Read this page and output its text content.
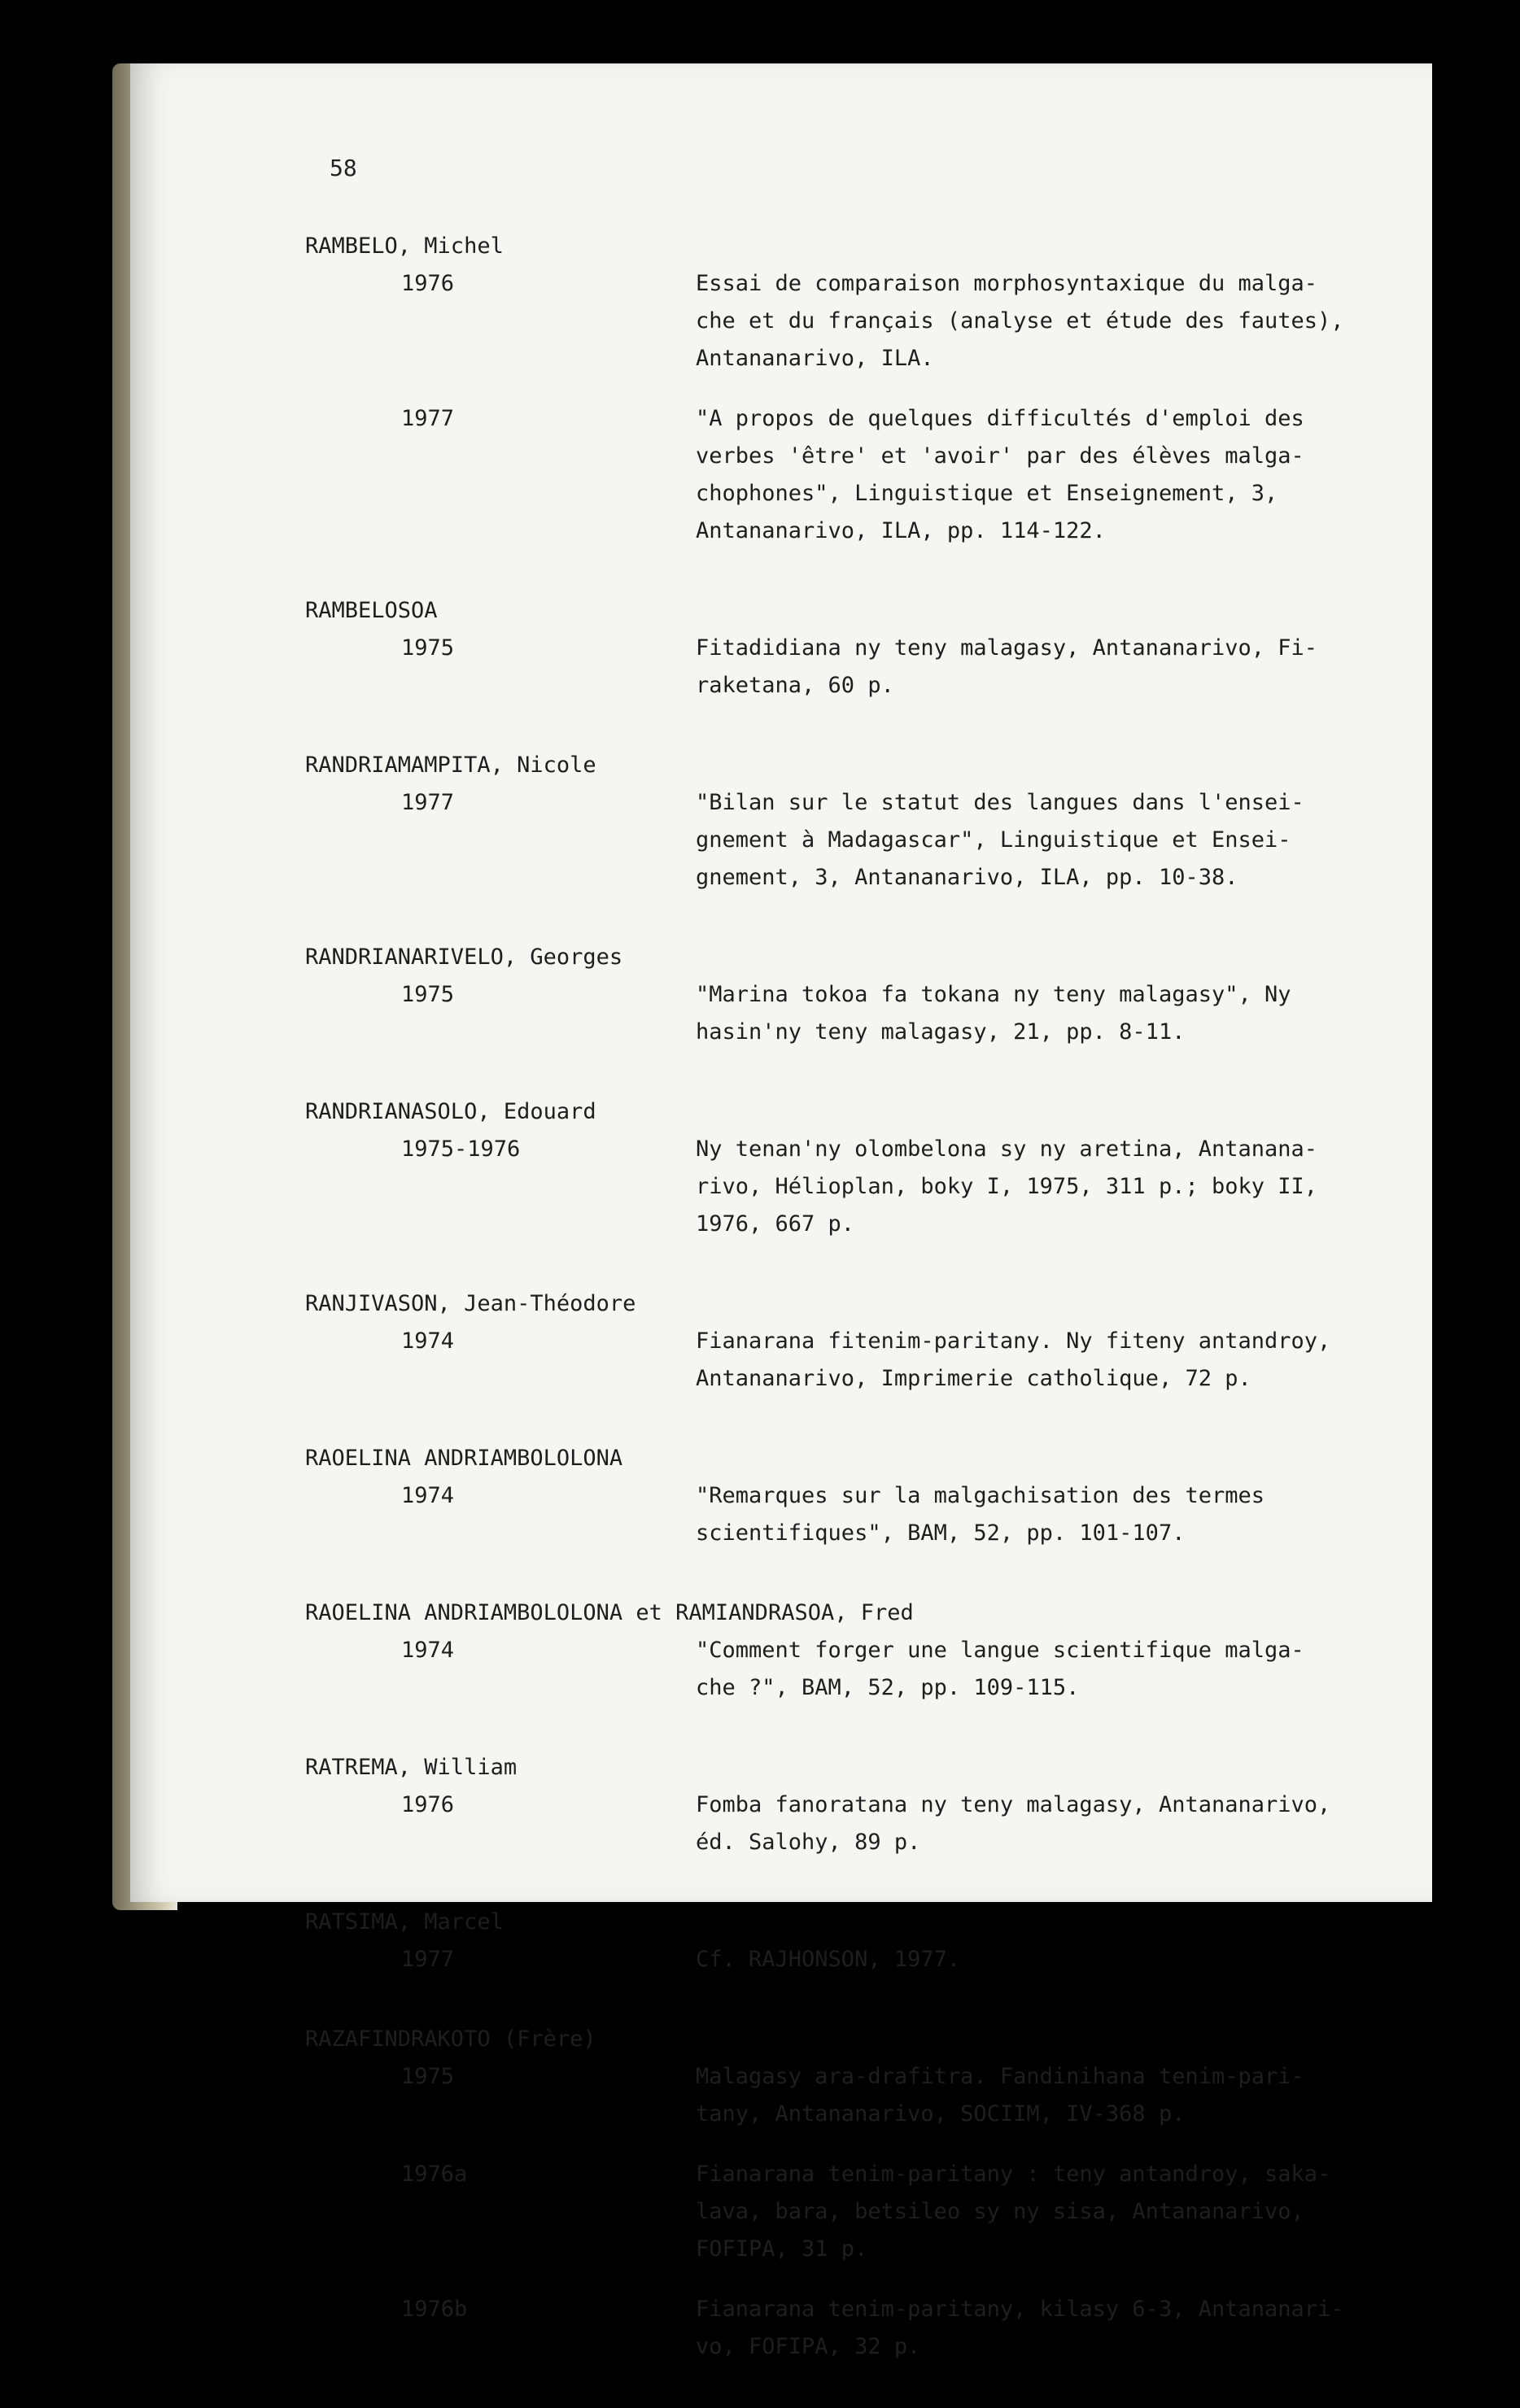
58
RAMBELO, Michel
1976	Essai de comparaison morphosyntaxique du malga-
che et du français (analyse et étude des fautes),
Antananarivo, ILA.
1977	"A propos de quelques difficultés d'emploi des
verbes 'être' et 'avoir' par des élèves malga-
chophones", Linguistique et Enseignement, 3,
Antananarivo, ILA, pp. 114-122.
RAMBELOSOA
1975	Fitadidiana ny teny malagasy, Antananarivo, Fi-
raketana, 60 p.
RANDRIAMAMPITA, Nicole
1977	"Bilan sur le statut des langues dans l'ensei-
gnement à Madagascar", Linguistique et Ensei-
gnement, 3, Antananarivo, ILA, pp. 10-38.
RANDRIANARIVELO, Georges
1975	"Marina tokoa fa tokana ny teny malagasy", Ny
hasin'ny teny malagasy, 21, pp. 8-11.
RANDRIANASOLO, Edouard
1975-1976	Ny tenan'ny olombelona sy ny aretina, Antanana-
rivo, Hélioplan, boky I, 1975, 311 p.; boky II,
1976, 667 p.
RANJIVASON, Jean-Théodore
1974	Fianarana fitenim-paritany. Ny fiteny antandroy,
Antananarivo, Imprimerie catholique, 72 p.
RAOELINA ANDRIAMBOLOLONA
1974	"Remarques sur la malgachisation des termes
scientifiques", BAM, 52, pp. 101-107.
RAOELINA ANDRIAMBOLOLONA et RAMIANDRASOA, Fred
1974	"Comment forger une langue scientifique malga-
che ?", BAM, 52, pp. 109-115.
RATREMA, William
1976	Fomba fanoratana ny teny malagasy, Antananarivo,
éd. Salohy, 89 p.
RATSIMA, Marcel
1977	Cf. RAJHONSON, 1977.
RAZAFINDRAKOTO (Frère)
1975	Malagasy ara-drafitra. Fandinihana tenim-pari-
tany, Antananarivo, SOCIIM, IV-368 p.
1976a	Fianarana tenim-paritany : teny antandroy, saka-
lava, bara, betsileo sy ny sisa, Antananarivo,
FOFIPA, 31 p.
1976b	Fianarana tenim-paritany, kilasy 6-3, Antananari-
vo, FOFIPA, 32 p.
